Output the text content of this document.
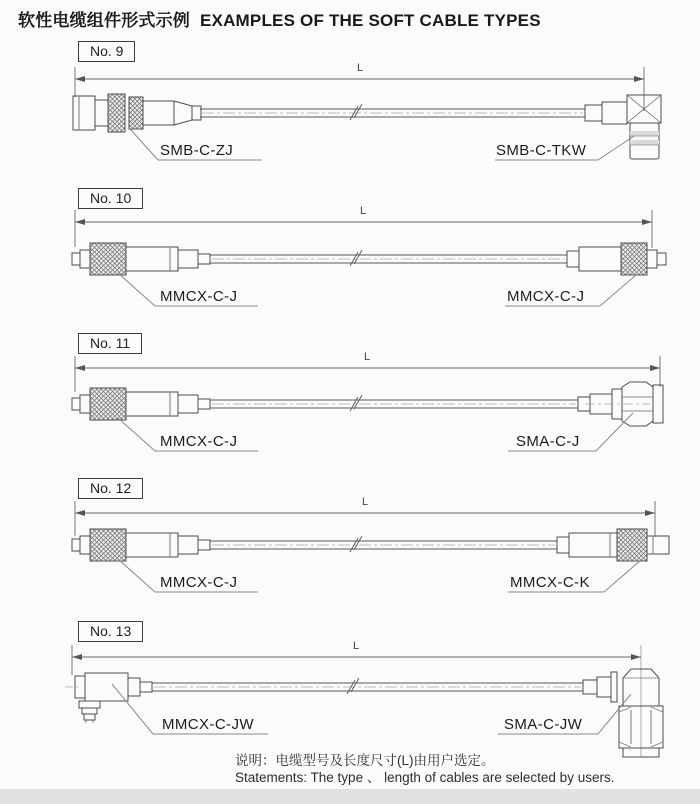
软性电缆组件形式示例 EXAMPLES OF THE SOFT CABLE TYPES
No. 9
No. 10
No. 11
No. 12
No. 13
L
L
L
L
L
SMB-C-ZJ	SMB-C-TKW
MMCX-C-J	MMCX-C-J
MMCX-C-J	SMA-C-J
MMCX-C-J	MMCX-C-K
MMCX-C-JW	SMA-C-JW
说明：电缆型号及长度尺寸(L)由用户选定。
Statements: The type 、 length of cables are selected by users.
